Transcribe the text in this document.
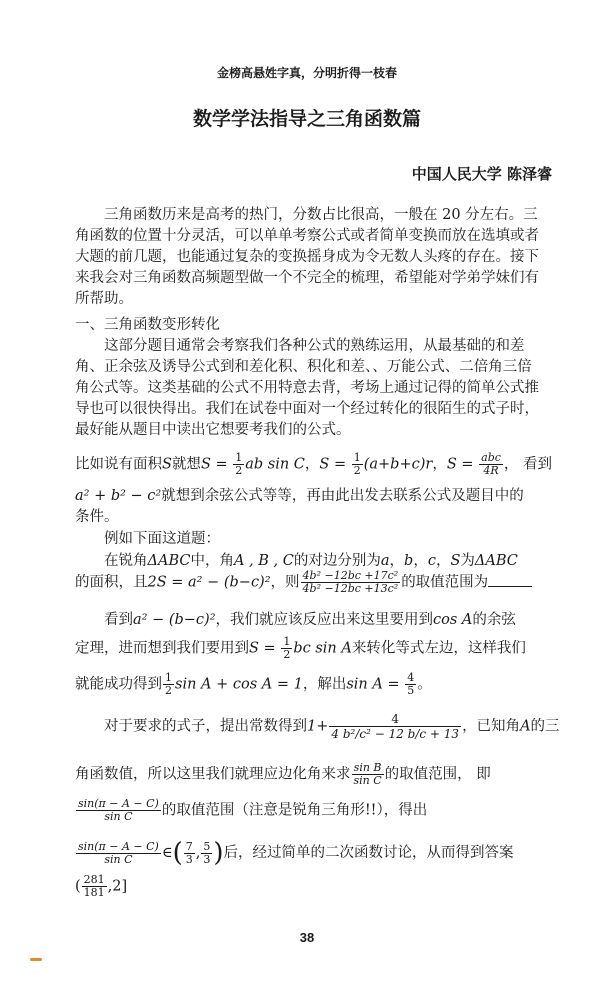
金榜高悬姓字真，分明折得一枝春
数学学法指导之三角函数篇
中国人民大学 陈泽睿
三角函数历来是高考的热门，分数占比很高，一般在 20 分左右。三角函数的位置十分灵活，可以单单考察公式或者简单变换而放在选填或者大题的前几题，也能通过复杂的变换摇身成为令无数人头疼的存在。接下来我会对三角函数高频题型做一个不完全的梳理，希望能对学弟学妹们有所帮助。
一、三角函数变形转化
这部分题目通常会考察我们各种公式的熟练运用，从最基础的和差角、正余弦及诱导公式到和差化积、积化和差、、万能公式、二倍角三倍角公式等。这类基础的公式不用特意去背，考场上通过记得的简单公式推导也可以很快得出。我们在试卷中面对一个经过转化的很陌生的式子时，最好能从题目中读出它想要考我们的公式。
比如说有面积S就想$S = \frac{1}{2}$ ab sin C，$S = \frac{1}{2} (a+b+c)r$，$S = \frac{\text{abc}}{4R}$ ， 看到
a² + b² − c²就想到余弦公式等等，再由此出发去联系公式及题目中的
条件。
例如下面这道题：
在锐角ΔABC中，角A , B , C的对边分别为a，b，c，S为ΔABC
的面积，且2S = a² − (b−c)²，则 $\frac{\text{4b² −12bc +17c²}}{\text{4b² −12bc +13c²}}$ 的取值范围为
看到a² − (b−c)²，我们就应该反应出来这里要用到cos A的余弦
定理，进而想到我们要用到$S = \frac{1}{2}$ bc sin A来转化等式左边，这样我们
就能成功得到 $\frac{1}{2}$ sin A + cos A = 1，解出$\sin A = \frac{4}{5}$ 。
对于要求的式子，提出常数得到$1+ \frac{4}{\text{4 b²/c² − 12 b/c + 13}}$ ，已知角A的三
角函数值，所以这里我们就理应边化角来求 $\frac{\text{sin B}}{\text{sin C}}$ 的取值范围， 即
$\frac{\sin(\pi - A - C)}{\text{sin C}}$ 的取值范围（注意是锐角三角形!!），得出
$\frac{\sin(\pi - A - C)}{\text{sin C}}$ ∈( $\frac{7}{3}$ , $\frac{5}{3}$ )后，经过简单的二次函数讨论，从而得到答案
( $\frac{281}{181} ,2$]
38
